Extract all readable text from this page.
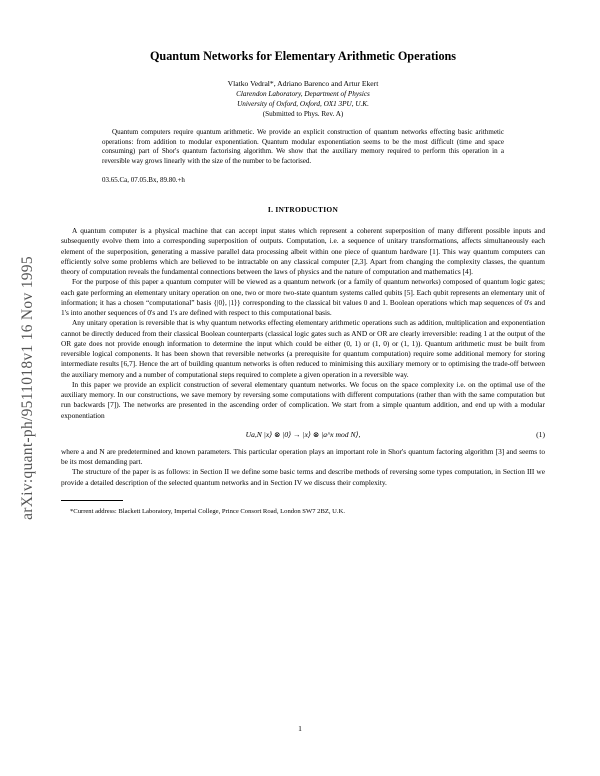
arXiv:quant-ph/9511018v1 16 Nov 1995
Quantum Networks for Elementary Arithmetic Operations
Vlatko Vedral*, Adriano Barenco and Artur Ekert
Clarendon Laboratory, Department of Physics
University of Oxford, Oxford, OX1 3PU, U.K.
(Submitted to Phys. Rev. A)

Quantum computers require quantum arithmetic. We provide an explicit construction of quantum networks effecting basic arithmetic operations: from addition to modular exponentiation. Quantum modular exponentiation seems to be the most difficult (time and space consuming) part of Shor's quantum factorising algorithm. We show that the auxiliary memory required to perform this operation in a reversible way grows linearly with the size of the number to be factorised.

03.65.Ca, 07.05.Bx, 89.80.+h
I. INTRODUCTION

A quantum computer is a physical machine that can accept input states which represent a coherent superposition of many different possible inputs and subsequently evolve them into a corresponding superposition of outputs. Computation, i.e. a sequence of unitary transformations, affects simultaneously each element of the superposition, generating a massive parallel data processing albeit within one piece of quantum hardware [1]. This way quantum computers can efficiently solve some problems which are believed to be intractable on any classical computer [2,3]. Apart from changing the complexity classes, the quantum theory of computation reveals the fundamental connections between the laws of physics and the nature of computation and mathematics [4].

For the purpose of this paper a quantum computer will be viewed as a quantum network (or a family of quantum networks) composed of quantum logic gates; each gate performing an elementary unitary operation on one, two or more two-state quantum systems called qubits [5]. Each qubit represents an elementary unit of information; it has a chosen “computational” basis {|0⟩, |1⟩} corresponding to the classical bit values 0 and 1. Boolean operations which map sequences of 0's and 1's into another sequences of 0's and 1's are defined with respect to this computational basis.

Any unitary operation is reversible that is why quantum networks effecting elementary arithmetic operations such as addition, multiplication and exponentiation cannot be directly deduced from their classical Boolean counterparts (classical logic gates such as AND or OR are clearly irreversible: reading 1 at the output of the OR gate does not provide enough information to determine the input which could be either (0, 1) or (1, 0) or (1, 1)). Quantum arithmetic must be built from reversible logical components. It has been shown that reversible networks (a prerequisite for quantum computation) require some additional memory for storing intermediate results [6,7]. Hence the art of building quantum networks is often reduced to minimising this auxiliary memory or to optimising the trade-off between the auxiliary memory and a number of computational steps required to complete a given operation in a reversible way.

In this paper we provide an explicit construction of several elementary quantum networks. We focus on the space complexity i.e. on the optimal use of the auxiliary memory. In our constructions, we save memory by reversing some computations with different computations (rather than with the same computation but run backwards [7]). The networks are presented in the ascending order of complication. We start from a simple quantum addition, and end up with a modular exponentiation

Ua,N |x⟩ ⊗ |0⟩ → |x⟩ ⊗ |a^x mod N⟩,	(1)

where a and N are predetermined and known parameters. This particular operation plays an important role in Shor's quantum factoring algorithm [3] and seems to be its most demanding part.

The structure of the paper is as follows: in Section II we define some basic terms and describe methods of reversing some types computation, in Section III we provide a detailed description of the selected quantum networks and in Section IV we discuss their complexity.

*Current address: Blackett Laboratory, Imperial College, Prince Consort Road, London SW7 2BZ, U.K.
1
